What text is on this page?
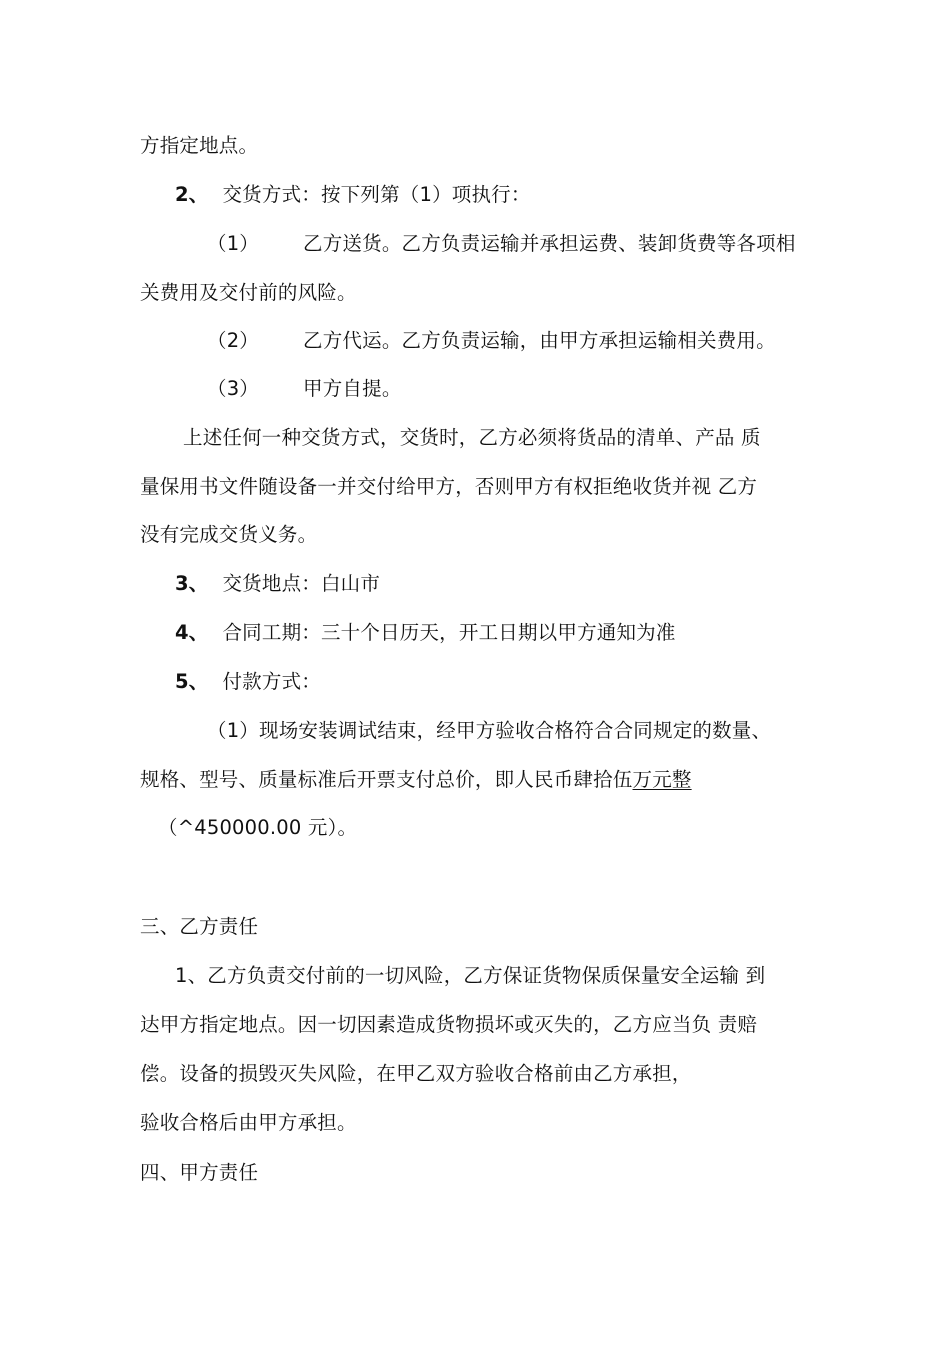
方指定地点。
2、 交货方式：按下列第（1）项执行：
（1） 乙方送货。乙方负责运输并承担运费、装卸货费等各项相
关费用及交付前的风险。
（2） 乙方代运。乙方负责运输，由甲方承担运输相关费用。
（3） 甲方自提。
上述任何一种交货方式，交货时，乙方必须将货品的清单、产品 质
量保用书文件随设备一并交付给甲方，否则甲方有权拒绝收货并视 乙方
没有完成交货义务。
3、 交货地点：白山市
4、 合同工期：三十个日历天，开工日期以甲方通知为准
5、 付款方式：
（1）现场安装调试结束，经甲方验收合格符合合同规定的数量、
规格、型号、质量标准后开票支付总价，即人民币肆拾伍万元整
（^450000.00 元）。
三、乙方责任
1、乙方负责交付前的一切风险，乙方保证货物保质保量安全运输 到
达甲方指定地点。因一切因素造成货物损坏或灭失的，乙方应当负 责赔
偿。设备的损毁灭失风险，在甲乙双方验收合格前由乙方承担，
验收合格后由甲方承担。
四、甲方责任
